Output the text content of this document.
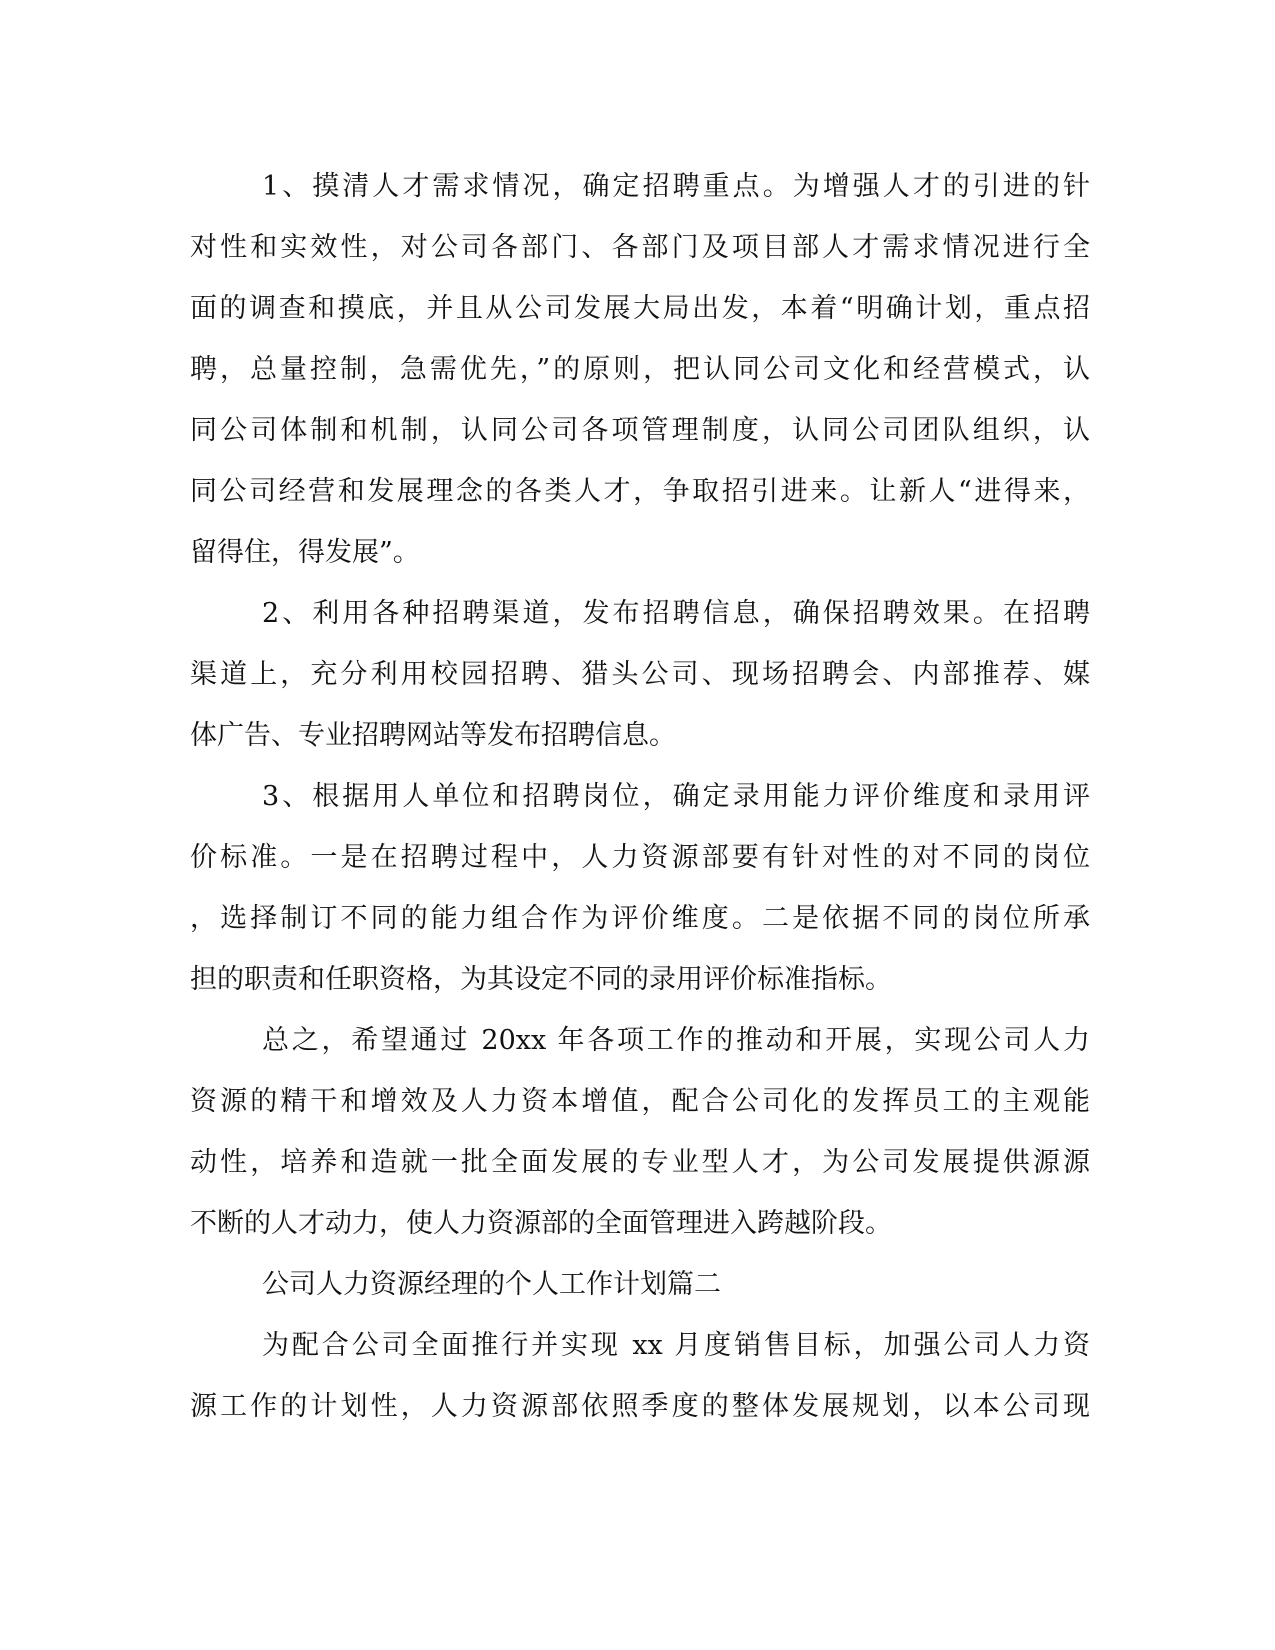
1、摸清人才需求情况，确定招聘重点。为增强人才的引进的针
对性和实效性，对公司各部门、各部门及项目部人才需求情况进行全
面的调查和摸底，并且从公司发展大局出发，本着“明确计划，重点招
聘，总量控制，急需优先，”的原则，把认同公司文化和经营模式，认
同公司体制和机制，认同公司各项管理制度，认同公司团队组织，认
同公司经营和发展理念的各类人才，争取招引进来。让新人“进得来，
留得住，得发展”。
2、利用各种招聘渠道，发布招聘信息，确保招聘效果。在招聘
渠道上，充分利用校园招聘、猎头公司、现场招聘会、内部推荐、媒
体广告、专业招聘网站等发布招聘信息。
3、根据用人单位和招聘岗位，确定录用能力评价维度和录用评
价标准。一是在招聘过程中，人力资源部要有针对性的对不同的岗位
，选择制订不同的能力组合作为评价维度。二是依据不同的岗位所承
担的职责和任职资格，为其设定不同的录用评价标准指标。
总之，希望通过 20xx 年各项工作的推动和开展，实现公司人力
资源的精干和增效及人力资本增值，配合公司化的发挥员工的主观能
动性，培养和造就一批全面发展的专业型人才，为公司发展提供源源
不断的人才动力，使人力资源部的全面管理进入跨越阶段。
公司人力资源经理的个人工作计划篇二
为配合公司全面推行并实现 xx 月度销售目标，加强公司人力资
源工作的计划性，人力资源部依照季度的整体发展规划，以本公司现
